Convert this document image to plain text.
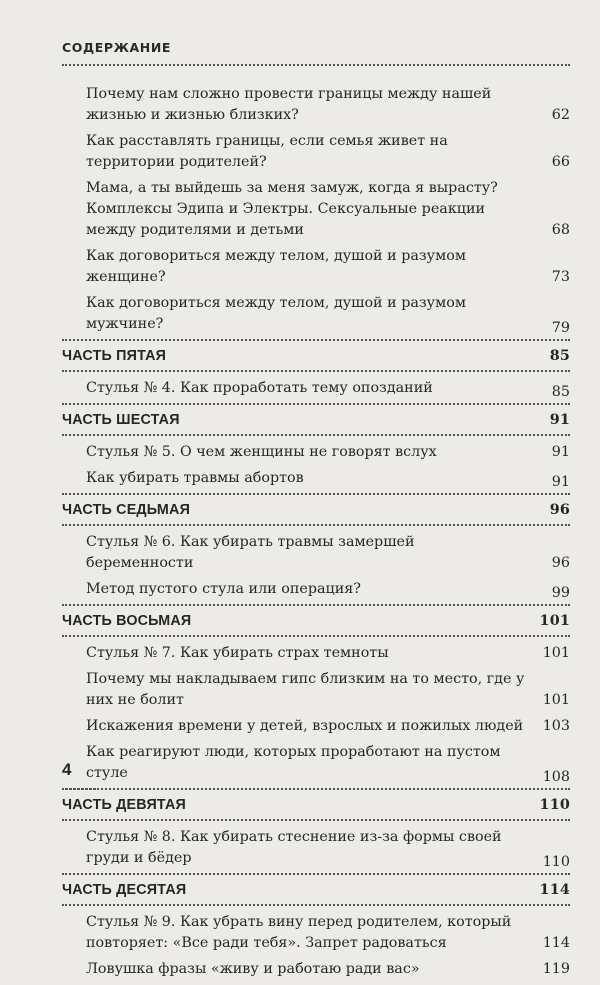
СОДЕРЖАНИЕ
Почему нам сложно провести границы между нашей жизнью и жизнью близких?	62
Как расставлять границы, если семья живет на территории родителей?	66
Мама, а ты выйдешь за меня замуж, когда я вырасту? Комплексы Эдипа и Электры. Сексуальные реакции между родителями и детьми	68
Как договориться между телом, душой и разумом женщине?	73
Как договориться между телом, душой и разумом мужчине?	79
ЧАСТЬ ПЯТАЯ	85
Стулья № 4. Как проработать тему опозданий	85
ЧАСТЬ ШЕСТАЯ	91
Стулья № 5. О чем женщины не говорят вслух	91
Как убирать травмы абортов	91
ЧАСТЬ СЕДЬМАЯ	96
Стулья № 6. Как убирать травмы замершей беременности	96
Метод пустого стула или операция?	99
ЧАСТЬ ВОСЬМАЯ	101
Стулья № 7. Как убирать страх темноты	101
Почему мы накладываем гипс близким на то место, где у них не болит	101
Искажения времени у детей, взрослых и пожилых людей 103
Как реагируют люди, которых проработают на пустом стуле	108
ЧАСТЬ ДЕВЯТАЯ	110
Стулья № 8. Как убирать стеснение из-за формы своей груди и бёдер	110
ЧАСТЬ ДЕСЯТАЯ	114
Стулья № 9. Как убрать вину перед родителем, который повторяет: «Все ради тебя». Запрет радоваться	114
Ловушка фразы «живу и работаю ради вас»	119
4
